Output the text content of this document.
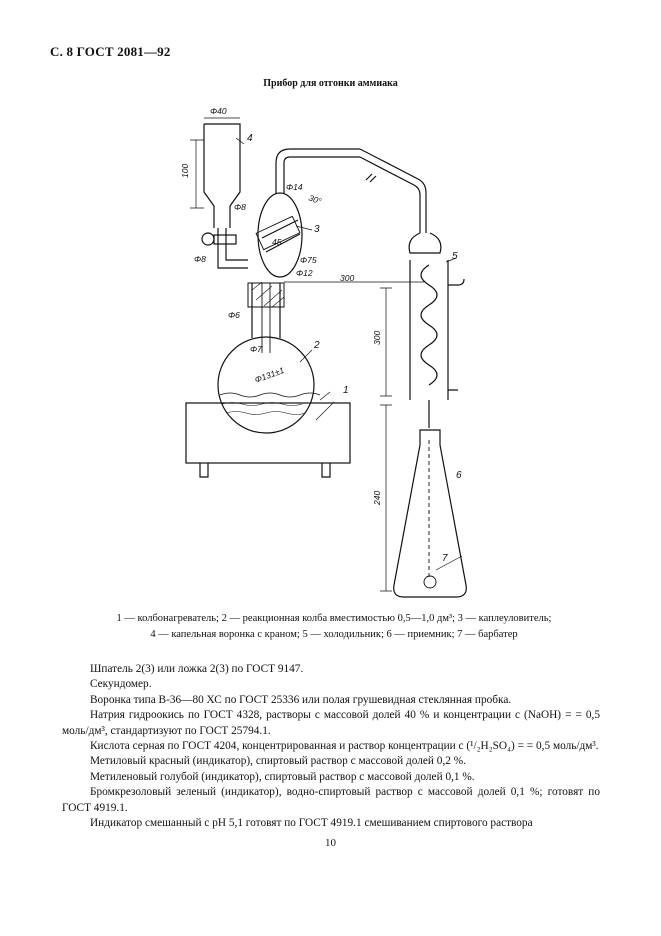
С. 8 ГОСТ 2081—92
Прибор для отгонки аммиака
1
2
3
4
5
6
7
Φ40
100
Φ14
30°
Φ8
Φ8
45
Φ75
Φ12	300
Φ6
Φ7
300
Φ131±1
240
1 — колбонагреватель; 2 — реакционная колба вместимостью 0,5—1,0 дм³; 3 — каплеуловитель;
4 — капельная воронка с краном; 5 — холодильник; 6 — приемник; 7 — барбатер

Шпатель 2(3) или ложка 2(3) по ГОСТ 9147.

Секундомер.

Воронка типа В-36—80 ХС по ГОСТ 25336 или полая грушевидная стеклянная пробка.

Натрия гидроокись по ГОСТ 4328, растворы с массовой долей 40 % и концентрации c (NaOH) = = 0,5 моль/дм³, стандартизуют по ГОСТ 25794.1.

Кислота серная по ГОСТ 4204, концентрированная и раствор концентрации c (¹/₂H₂SO₄) = = 0,5 моль/дм³.

Метиловый красный (индикатор), спиртовый раствор с массовой долей 0,2 %.

Метиленовый голубой (индикатор), спиртовый раствор с массовой долей 0,1 %.

Бромкрезоловый зеленый (индикатор), водно-спиртовый раствор с массовой долей 0,1 %; готовят по ГОСТ 4919.1.

Индикатор смешанный с pH 5,1 готовят по ГОСТ 4919.1 смешиванием спиртового раствора

10
